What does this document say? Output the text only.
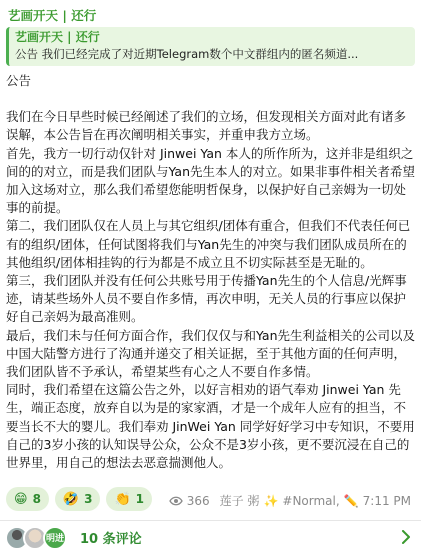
艺画开天 | 还行
艺画开天 | 还行
公告 我们已经完成了对近期Telegram数个中文群组内的匿名频道...

公告

我们在今日早些时候已经阐述了我们的立场，但发现相关方面对此有诸多误解，本公告旨在再次阐明相关事实，并重申我方立场。

首先，我方一切行动仅针对 Jinwei Yan 本人的所作所为，这并非是组织之间的的对立，而是我们团队与Yan先生本人的对立。如果非事件相关者希望加入这场对立，那么我们希望您能明哲保身，以保护好自己亲姆为一切处事的前提。

第二，我们团队仅在人员上与其它组织/团体有重合，但我们不代表任何已有的组织/团体，任何试图将我们与Yan先生的冲突与我们团队成员所在的其他组织/团体相挂钩的行为都是不成立且不切实际甚至是无耻的。

第三，我们团队并没有任何公共账号用于传播Yan先生的个人信息/光辉事迹，请某些场外人员不要自作多情，再次申明，无关人员的行事应以保护好自己亲妈为最高准则。

最后，我们未与任何方面合作，我们仅仅与和Yan先生利益相关的公司以及中国大陆警方进行了沟通并递交了相关证据，至于其他方面的任何声明，我们团队皆不予承认，希望某些有心之人不要自作多情。

同时，我们希望在这篇公告之外，以好言相劝的语气奉劝 Jinwei Yan 先生，端正态度，放弃自以为是的家家酒，才是一个成年人应有的担当，不要当长不大的婴儿。我们奉劝 JinWei Yan 同学好好学习中专知识，不要用自己的3岁小孩的认知误导公众，公众不是3岁小孩，更不要沉浸在自己的世界里，用自己的想法去恶意揣测他人。

😁 8 🤣 3 👏 1	366 莲子 粥 ✨ #Normal, ✏️ 7:11 PM
明进 10 条评论
